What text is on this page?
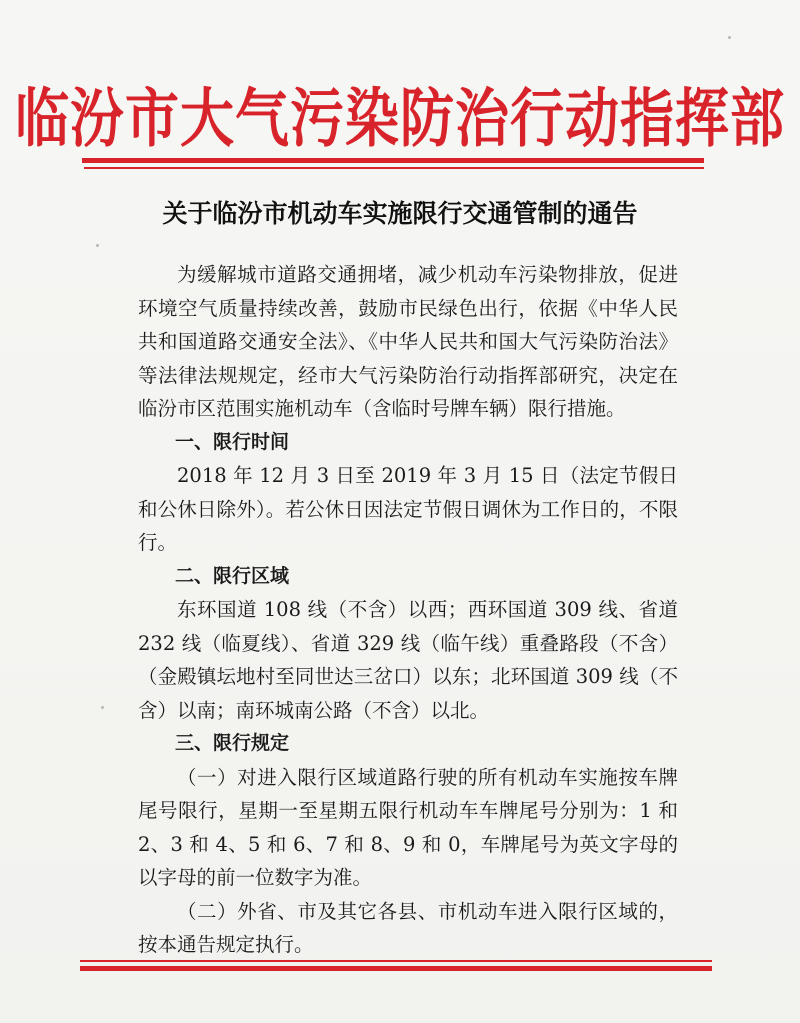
临汾市大气污染防治行动指挥部
关于临汾市机动车实施限行交通管制的通告

为缓解城市道路交通拥堵，减少机动车污染物排放，促进环境空气质量持续改善，鼓励市民绿色出行，依据《中华人民共和国道路交通安全法》、《中华人民共和国大气污染防治法》等法律法规规定，经市大气污染防治行动指挥部研究，决定在临汾市区范围实施机动车（含临时号牌车辆）限行措施。

一、限行时间

2018 年 12 月 3 日至 2019 年 3 月 15 日（法定节假日和公休日除外）。若公休日因法定节假日调休为工作日的，不限行。

二、限行区域

东环国道 108 线（不含）以西；西环国道 309 线、省道232 线（临夏线）、省道 329 线（临午线）重叠路段（不含）（金殿镇坛地村至同世达三岔口）以东；北环国道 309 线（不含）以南；南环城南公路（不含）以北。

三、限行规定

（一）对进入限行区域道路行驶的所有机动车实施按车牌尾号限行，星期一至星期五限行机动车车牌尾号分别为：1 和 2、3 和 4、5 和 6、7 和 8、9 和 0，车牌尾号为英文字母的以字母的前一位数字为准。

（二）外省、市及其它各县、市机动车进入限行区域的，按本通告规定执行。
